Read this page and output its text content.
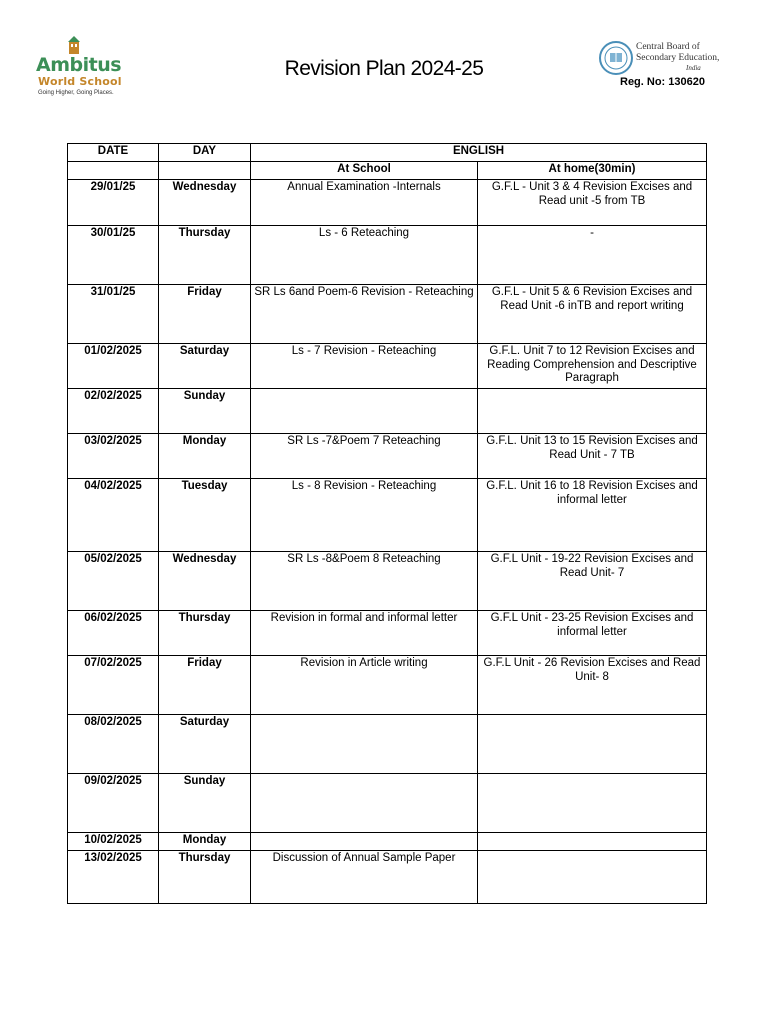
Ambitus
World School
Going Higher, Going Places.
Revision Plan 2024-25
Central Board of
Secondary Education,
India
Reg. No: 130620
DATE	DAY	ENGLISH	
		At School	At home(30min)
29/01/25	Wednesday	Annual Examination -Internals	G.F.L - Unit 3 & 4 Revision Excises and Read unit -5 from TB
30/01/25	Thursday	Ls - 6 Reteaching	-
31/01/25	Friday	SR Ls 6and Poem-6 Revision - Reteaching	G.F.L - Unit 5 & 6 Revision Excises and Read Unit -6 inTB and report writing
01/02/2025	Saturday	Ls - 7 Revision - Reteaching	G.F.L. Unit 7 to 12 Revision Excises and Reading Comprehension and Descriptive Paragraph
02/02/2025	Sunday		
03/02/2025	Monday	SR Ls -7&Poem 7 Reteaching	G.F.L. Unit 13 to 15 Revision Excises and Read Unit - 7 TB
04/02/2025	Tuesday	Ls - 8 Revision - Reteaching	G.F.L. Unit 16 to 18 Revision Excises and informal letter
05/02/2025	Wednesday	SR Ls -8&Poem 8 Reteaching	G.F.L Unit - 19-22 Revision Excises and Read Unit- 7
06/02/2025	Thursday	Revision in formal and informal letter	G.F.L Unit - 23-25 Revision Excises and informal letter
07/02/2025	Friday	Revision in Article writing	G.F.L Unit - 26 Revision Excises and Read Unit- 8
08/02/2025	Saturday		
09/02/2025	Sunday		
10/02/2025	Monday		
13/02/2025	Thursday	Discussion of Annual Sample Paper	
